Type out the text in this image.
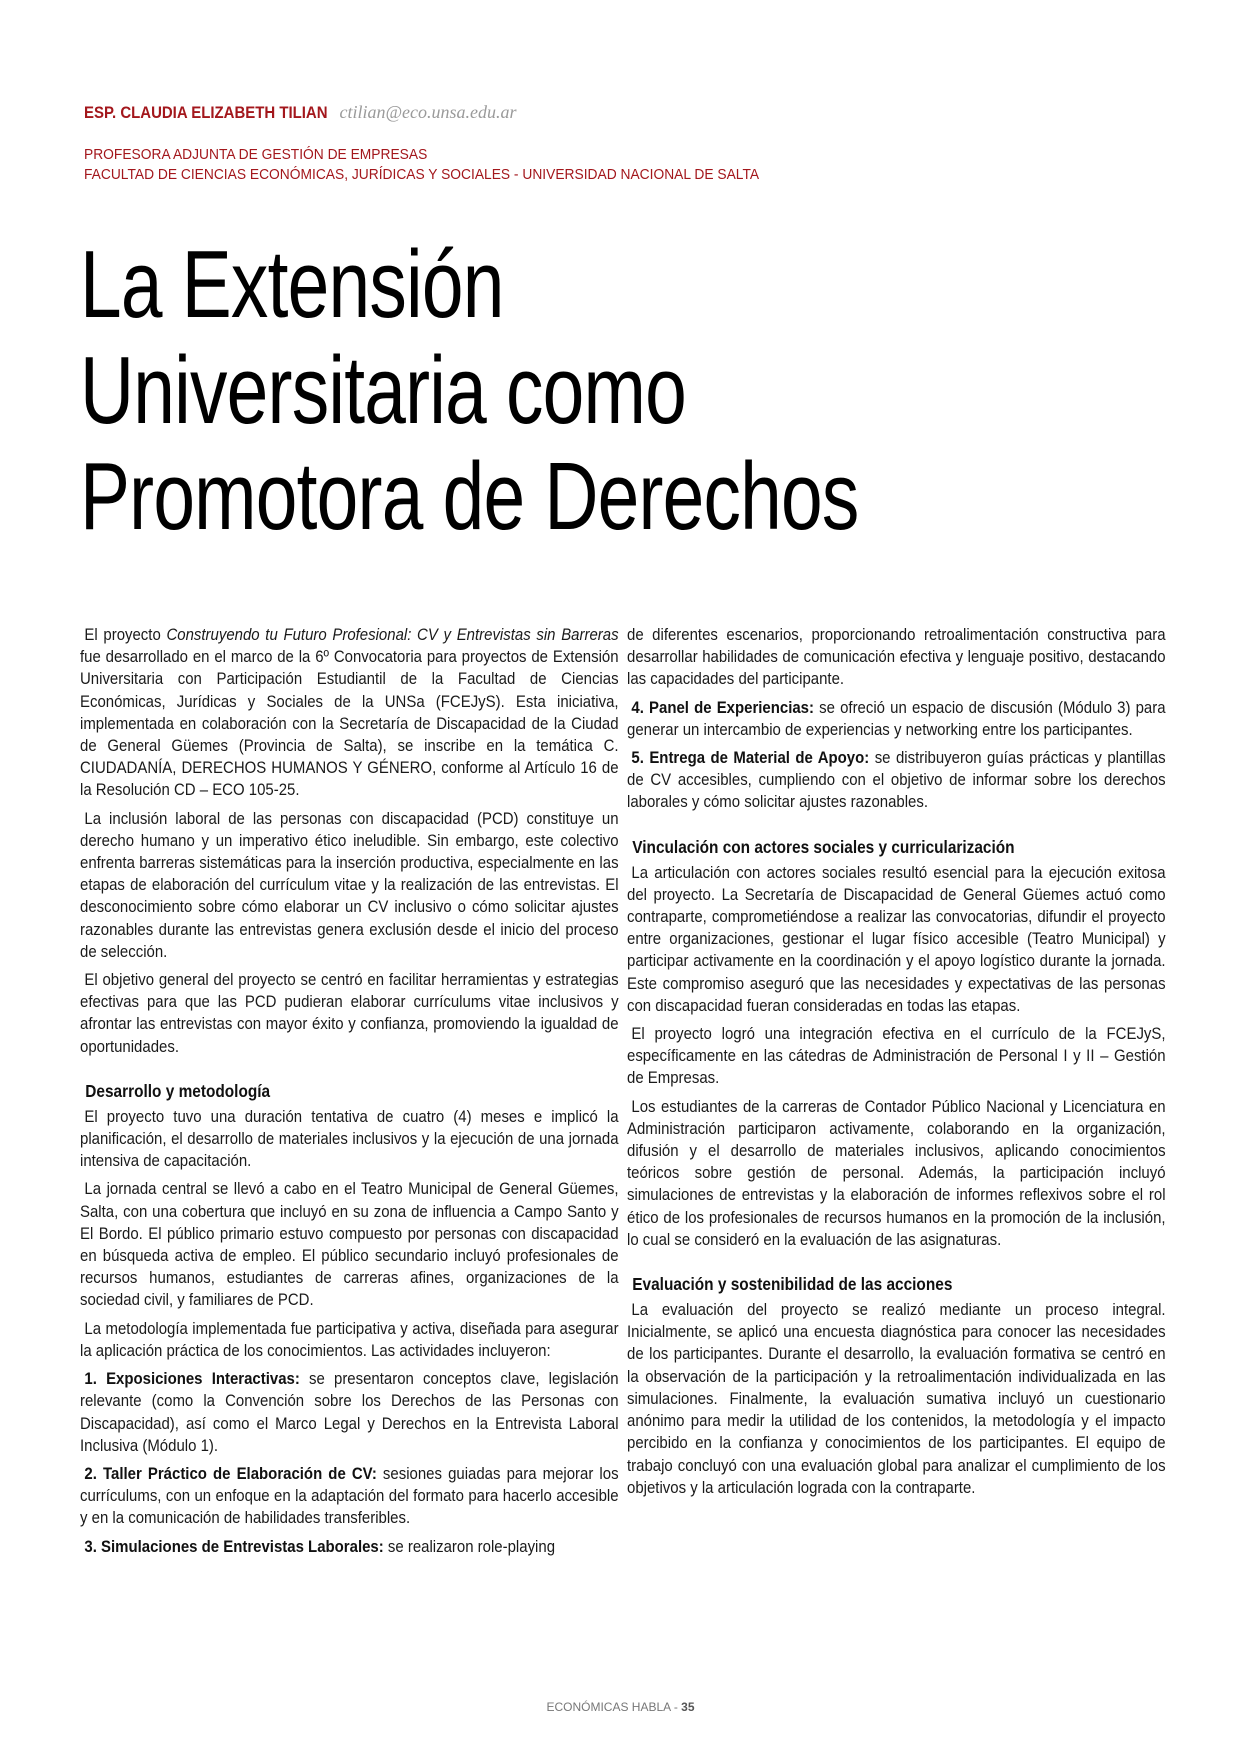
ESP. CLAUDIA ELIZABETH TILIAN ctilian@eco.unsa.edu.ar
PROFESORA ADJUNTA DE GESTIÓN DE EMPRESAS
FACULTAD DE CIENCIAS ECONÓMICAS, JURÍDICAS Y SOCIALES - UNIVERSIDAD NACIONAL DE SALTA
La Extensión
Universitaria como
Promotora de Derechos

El proyecto Construyendo tu Futuro Profesional: CV y Entrevistas sin Barreras fue desarrollado en el marco de la 6º Convocatoria para proyectos de Extensión Universitaria con Participación Estudiantil de la Facultad de Ciencias Económicas, Jurídicas y Sociales de la UNSa (FCEJyS). Esta iniciativa, implementada en colaboración con la Secretaría de Discapacidad de la Ciudad de General Güemes (Provincia de Salta), se inscribe en la temática C. CIUDADANÍA, DERECHOS HUMANOS Y GÉNERO, conforme al Artículo 16 de la Resolución CD – ECO 105-25.

La inclusión laboral de las personas con discapacidad (PCD) constituye un derecho humano y un imperativo ético ineludible. Sin embargo, este colectivo enfrenta barreras sistemáticas para la inserción productiva, especialmente en las etapas de elaboración del currículum vitae y la realización de las entrevistas. El desconocimiento sobre cómo elaborar un CV inclusivo o cómo solicitar ajustes razonables durante las entrevistas genera exclusión desde el inicio del proceso de selección.

El objetivo general del proyecto se centró en facilitar herramientas y estrategias efectivas para que las PCD pudieran elaborar currículums vitae inclusivos y afrontar las entrevistas con mayor éxito y confianza, promoviendo la igualdad de oportunidades.

Desarrollo y metodología

El proyecto tuvo una duración tentativa de cuatro (4) meses e implicó la planificación, el desarrollo de materiales inclusivos y la ejecución de una jornada intensiva de capacitación.

La jornada central se llevó a cabo en el Teatro Municipal de General Güemes, Salta, con una cobertura que incluyó en su zona de influencia a Campo Santo y El Bordo. El público primario estuvo compuesto por personas con discapacidad en búsqueda activa de empleo. El público secundario incluyó profesionales de recursos humanos, estudiantes de carreras afines, organizaciones de la sociedad civil, y familiares de PCD.

La metodología implementada fue participativa y activa, diseñada para asegurar la aplicación práctica de los conocimientos. Las actividades incluyeron:

1. Exposiciones Interactivas: se presentaron conceptos clave, legislación relevante (como la Convención sobre los Derechos de las Personas con Discapacidad), así como el Marco Legal y Derechos en la Entrevista Laboral Inclusiva (Módulo 1).

2. Taller Práctico de Elaboración de CV: sesiones guiadas para mejorar los currículums, con un enfoque en la adaptación del formato para hacerlo accesible y en la comunicación de habilidades transferibles.

3. Simulaciones de Entrevistas Laborales: se realizaron role-playing

de diferentes escenarios, proporcionando retroalimentación constructiva para desarrollar habilidades de comunicación efectiva y lenguaje positivo, destacando las capacidades del participante.

4. Panel de Experiencias: se ofreció un espacio de discusión (Módulo 3) para generar un intercambio de experiencias y networking entre los participantes.

5. Entrega de Material de Apoyo: se distribuyeron guías prácticas y plantillas de CV accesibles, cumpliendo con el objetivo de informar sobre los derechos laborales y cómo solicitar ajustes razonables.

Vinculación con actores sociales y curricularización

La articulación con actores sociales resultó esencial para la ejecución exitosa del proyecto. La Secretaría de Discapacidad de General Güemes actuó como contraparte, comprometiéndose a realizar las convocatorias, difundir el proyecto entre organizaciones, gestionar el lugar físico accesible (Teatro Municipal) y participar activamente en la coordinación y el apoyo logístico durante la jornada. Este compromiso aseguró que las necesidades y expectativas de las personas con discapacidad fueran consideradas en todas las etapas.

El proyecto logró una integración efectiva en el currículo de la FCEJyS, específicamente en las cátedras de Administración de Personal I y II – Gestión de Empresas.

Los estudiantes de la carreras de Contador Público Nacional y Licenciatura en Administración participaron activamente, colaborando en la organización, difusión y el desarrollo de materiales inclusivos, aplicando conocimientos teóricos sobre gestión de personal. Además, la participación incluyó simulaciones de entrevistas y la elaboración de informes reflexivos sobre el rol ético de los profesionales de recursos humanos en la promoción de la inclusión, lo cual se consideró en la evaluación de las asignaturas.

Evaluación y sostenibilidad de las acciones

La evaluación del proyecto se realizó mediante un proceso integral. Inicialmente, se aplicó una encuesta diagnóstica para conocer las necesidades de los participantes. Durante el desarrollo, la evaluación formativa se centró en la observación de la participación y la retroalimentación individualizada en las simulaciones. Finalmente, la evaluación sumativa incluyó un cuestionario anónimo para medir la utilidad de los contenidos, la metodología y el impacto percibido en la confianza y conocimientos de los participantes. El equipo de trabajo concluyó con una evaluación global para analizar el cumplimiento de los objetivos y la articulación lograda con la contraparte.

ECONÓMICAS HABLA - 35
